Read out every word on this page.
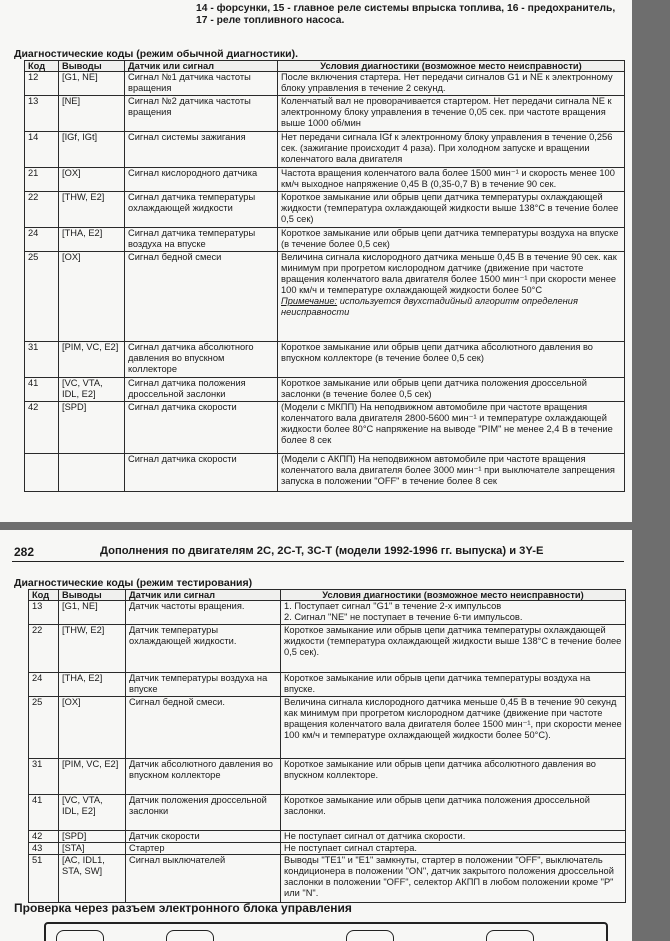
14 - форсунки, 15 - главное реле системы впрыска топлива, 16 - предохранитель, 17 - реле топливного насоса.
Диагностические коды (режим обычной диагностики).
Код	Выводы	Датчик или сигнал	Условия диагностики (возможное место неисправности)
12	[G1, NE]	Сигнал №1 датчика частоты вращения	После включения стартера. Нет передачи сигналов G1 и NE к электронному блоку управления в течение 2 секунд.
13	[NE]	Сигнал №2 датчика частоты вращения	Коленчатый вал не проворачивается стартером. Нет передачи сигнала NE к электронному блоку управления в течение 0,05 сек. при частоте вращения выше 1000 об/мин
14	[IGf, IGt]	Сигнал системы зажигания	Нет передачи сигнала IGf к электронному блоку управления в течение 0,256 сек. (зажигание происходит 4 раза). При холодном запуске и вращении коленчатого вала двигателя
21	[OX]	Сигнал кислородного датчика	Частота вращения коленчатого вала более 1500 мин⁻¹ и скорость менее 100 км/ч выходное напряжение 0,45 В (0,35-0,7 В) в течение 90 сек.
22	[THW, E2]	Сигнал датчика температуры охлаждающей жидкости	Короткое замыкание или обрыв цепи датчика температуры охлаждающей жидкости (температура охлаждающей жидкости выше 138°С в течение более 0,5 сек)
24	[THA, E2]	Сигнал датчика температуры воздуха на впуске	Короткое замыкание или обрыв цепи датчика температуры воздуха на впуске (в течение более 0,5 сек)
25	[OX]	Сигнал бедной смеси	Величина сигнала кислородного датчика меньше 0,45 В в течение 90 сек. как минимум при прогретом кислородном датчике (движение при частоте вращения коленчатого вала двигателя более 1500 мин⁻¹ при скорости менее 100 км/ч и температуре охлаждающей жидкости более 50°С
Примечание: используется двухстадийный алгоритм определения неисправности

31	[PIM, VC, E2]	Сигнал датчика абсолютного давления во впускном коллекторе	Короткое замыкание или обрыв цепи датчика абсолютного давления во впускном коллекторе (в течение более 0,5 сек)
41	[VC, VTA, IDL, E2]	Сигнал датчика положения дроссельной заслонки	Короткое замыкание или обрыв цепи датчика положения дроссельной заслонки (в течение более 0,5 сек)
42	[SPD]	Сигнал датчика скорости	(Модели с МКПП) На неподвижном автомобиле при частоте вращения коленчатого вала двигателя 2800-5600 мин⁻¹ и температуре охлаждающей жидкости более 80°С напряжение на выводе "PIM" не менее 2,4 В в течение более 8 сек
		Сигнал датчика скорости	(Модели с АКПП) На неподвижном автомобиле при частоте вращения коленчатого вала двигателя более 3000 мин⁻¹ при выключателе запрещения запуска в положении "OFF" в течение более 8 сек
282	Дополнения по двигателям 2С, 2С-Т, 3С-Т (модели 1992-1996 гг. выпуска) и 3Y-E
Диагностические коды (режим тестирования)
Код	Выводы	Датчик или сигнал	Условия диагностики (возможное место неисправности)
13	[G1, NE]	Датчик частоты вращения.	1. Поступает сигнал "G1" в течение 2-х импульсов
2. Сигнал "NE" не поступает в течение 6-ти импульсов.
22	[THW, E2]	Датчик температуры охлаждающей жидкости.	Короткое замыкание или обрыв цепи датчика температуры охлаждающей жидкости (температура охлаждающей жидкости выше 138°С в течение более 0,5 сек).
24	[THA, E2]	Датчик температуры воздуха на впуске	Короткое замыкание или обрыв цепи датчика температуры воздуха на впуске.
25	[OX]	Сигнал бедной смеси.	Величина сигнала кислородного датчика меньше 0,45 В в течение 90 секунд как минимум при прогретом кислородном датчике (движение при частоте вращения коленчатого вала двигателя более 1500 мин⁻¹, при скорости менее 100 км/ч и температуре охлаждающей жидкости более 50°С).
31	[PIM, VC, E2]	Датчик абсолютного давления во впускном коллекторе	Короткое замыкание или обрыв цепи датчика абсолютного давления во впускном коллекторе.
41	[VC, VTA, IDL, E2]	Датчик положения дроссельной заслонки	Короткое замыкание или обрыв цепи датчика положения дроссельной заслонки.
42	[SPD]	Датчик скорости	Не поступает сигнал от датчика скорости.
43	[STA]	Стартер	Не поступает сигнал стартера.
51	[AC, IDL1, STA, SW]	Сигнал выключателей	Выводы "ТЕ1" и "Е1" замкнуты, стартер в положении "OFF", выключатель кондиционера в положении "ON", датчик закрытого положения дроссельной заслонки в положении "OFF", селектор АКПП в любом положении кроме "Р" или "N".
Проверка через разъем электронного блока управления
